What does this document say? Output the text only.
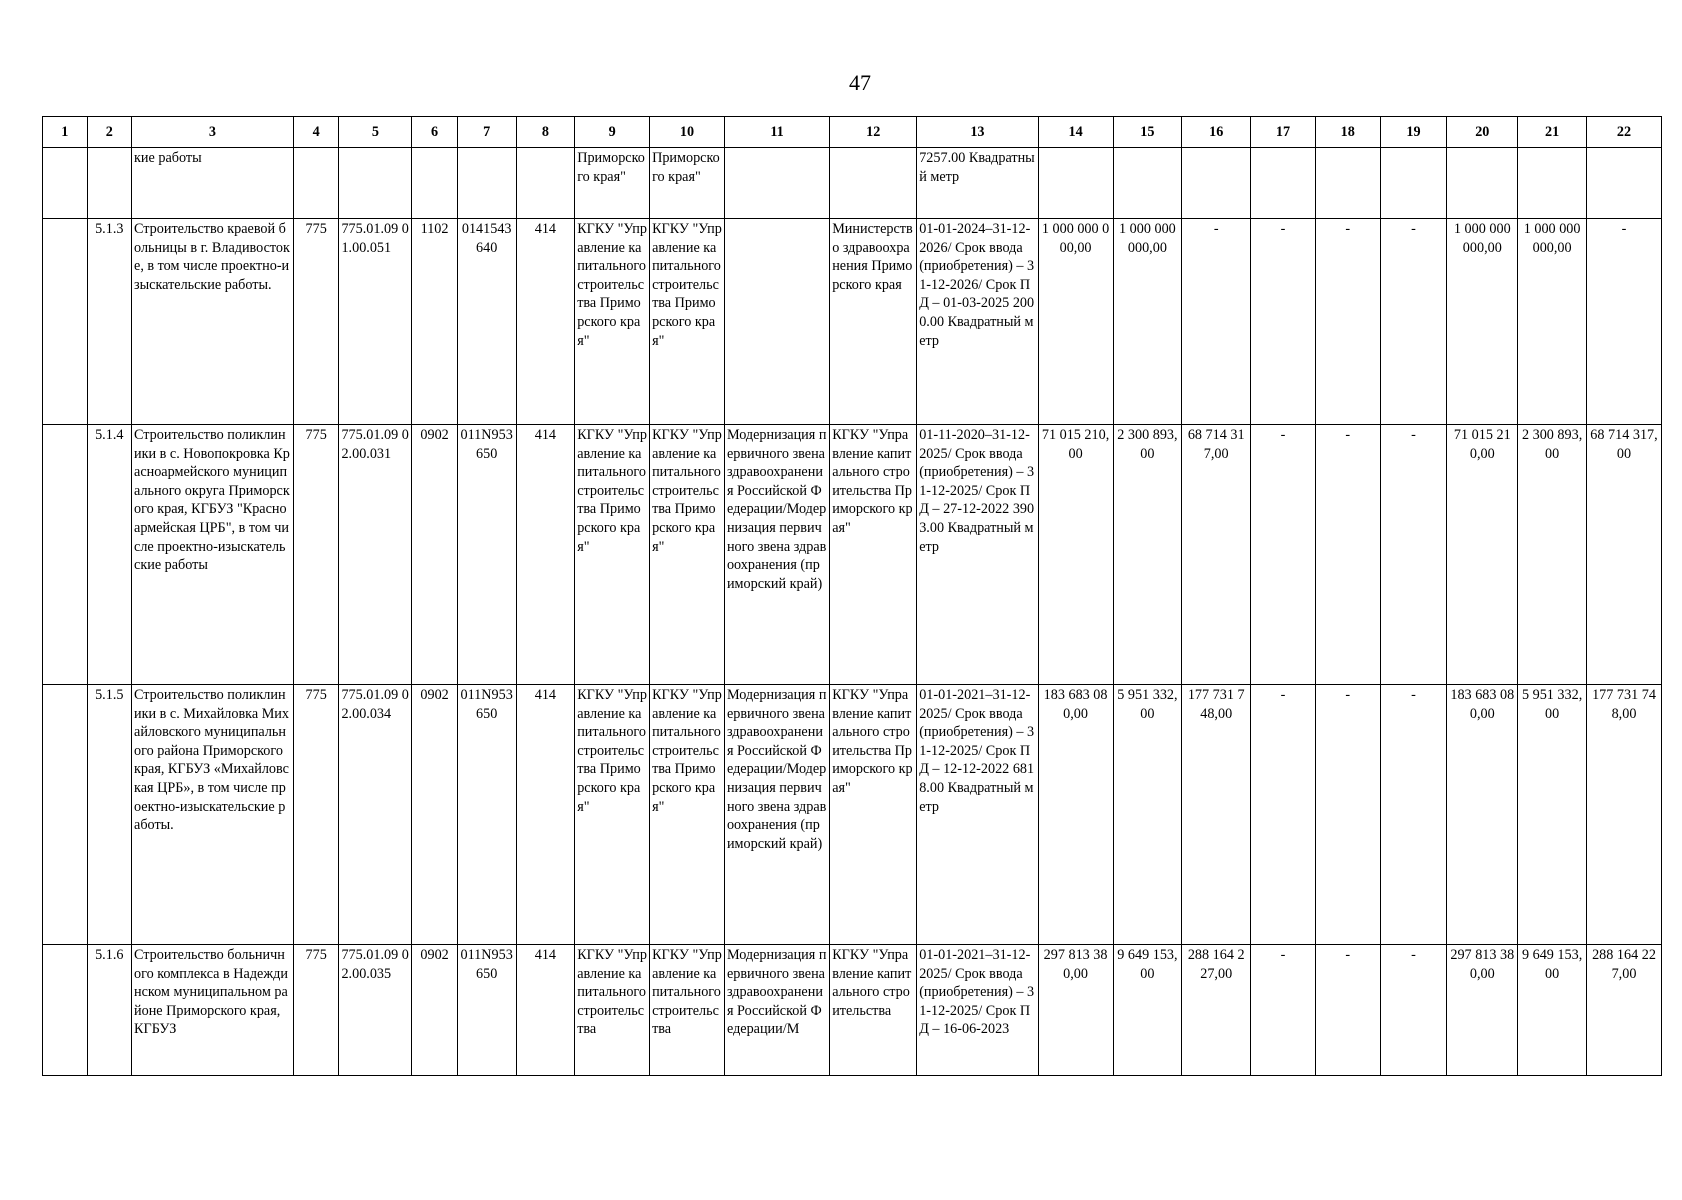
47
1	2	3	4	5	6	7	8	9	10	11	12	13	14	15	16	17	18	19	20	21	22
		кие работы						Приморского края"	Приморского края"			7257.00 Квадратный метр									
	5.1.3	Строительство краевой больницы в г. Владивостоке, в том числе проектно-изыскательские работы.	775	775.01.09 01.00.051	1102	0141543640	414	КГКУ "Управление капитального строительства Приморского края"	КГКУ "Управление капитального строительства Приморского края"		Министерство здравоохранения Приморского края	01-01-2024–31-12-2026/ Срок ввода (приобретения) – 31-12-2026/ Срок ПД – 01-03-2025 2000.00 Квадратный метр	1 000 000 000,00	1 000 000 000,00	-	-	-	-	1 000 000 000,00	1 000 000 000,00	-
	5.1.4	Строительство поликлиники в с. Новопокровка Красноармейского муниципального округа Приморского края, КГБУЗ "Красноармейская ЦРБ", в том числе проектно-изыскательские работы	775	775.01.09 02.00.031	0902	011N953650	414	КГКУ "Управление капитального строительства Приморского края"	КГКУ "Управление капитального строительства Приморского края"	Модернизация первичного звена здравоохранения Российской Федерации/Модернизация первичного звена здравоохранения (приморский край)	КГКУ "Управление капитального строительства Приморского края"	01-11-2020–31-12-2025/ Срок ввода (приобретения) – 31-12-2025/ Срок ПД – 27-12-2022 3903.00 Квадратный метр	71 015 210,00	2 300 893,00	68 714 317,00	-	-	-	71 015 210,00	2 300 893,00	68 714 317,00
	5.1.5	Строительство поликлиники в с. Михайловка Михайловского муниципального района Приморского края, КГБУЗ «Михайловская ЦРБ», в том числе проектно-изыскательские работы.	775	775.01.09 02.00.034	0902	011N953650	414	КГКУ "Управление капитального строительства Приморского края"	КГКУ "Управление капитального строительства Приморского края"	Модернизация первичного звена здравоохранения Российской Федерации/Модернизация первичного звена здравоохранения (приморский край)	КГКУ "Управление капитального строительства Приморского края"	01-01-2021–31-12-2025/ Срок ввода (приобретения) – 31-12-2025/ Срок ПД – 12-12-2022 6818.00 Квадратный метр	183 683 080,00	5 951 332,00	177 731 748,00	-	-	-	183 683 080,00	5 951 332,00	177 731 748,00
	5.1.6	Строительство больничного комплекса в Надеждинском муниципальном районе Приморского края, КГБУЗ	775	775.01.09 02.00.035	0902	011N953650	414	КГКУ "Управление капитального строительства	КГКУ "Управление капитального строительства	Модернизация первичного звена здравоохранения Российской Федерации/М	КГКУ "Управление капитального строительства	01-01-2021–31-12-2025/ Срок ввода (приобретения) – 31-12-2025/ Срок ПД – 16-06-2023	297 813 380,00	9 649 153,00	288 164 227,00	-	-	-	297 813 380,00	9 649 153,00	288 164 227,00
